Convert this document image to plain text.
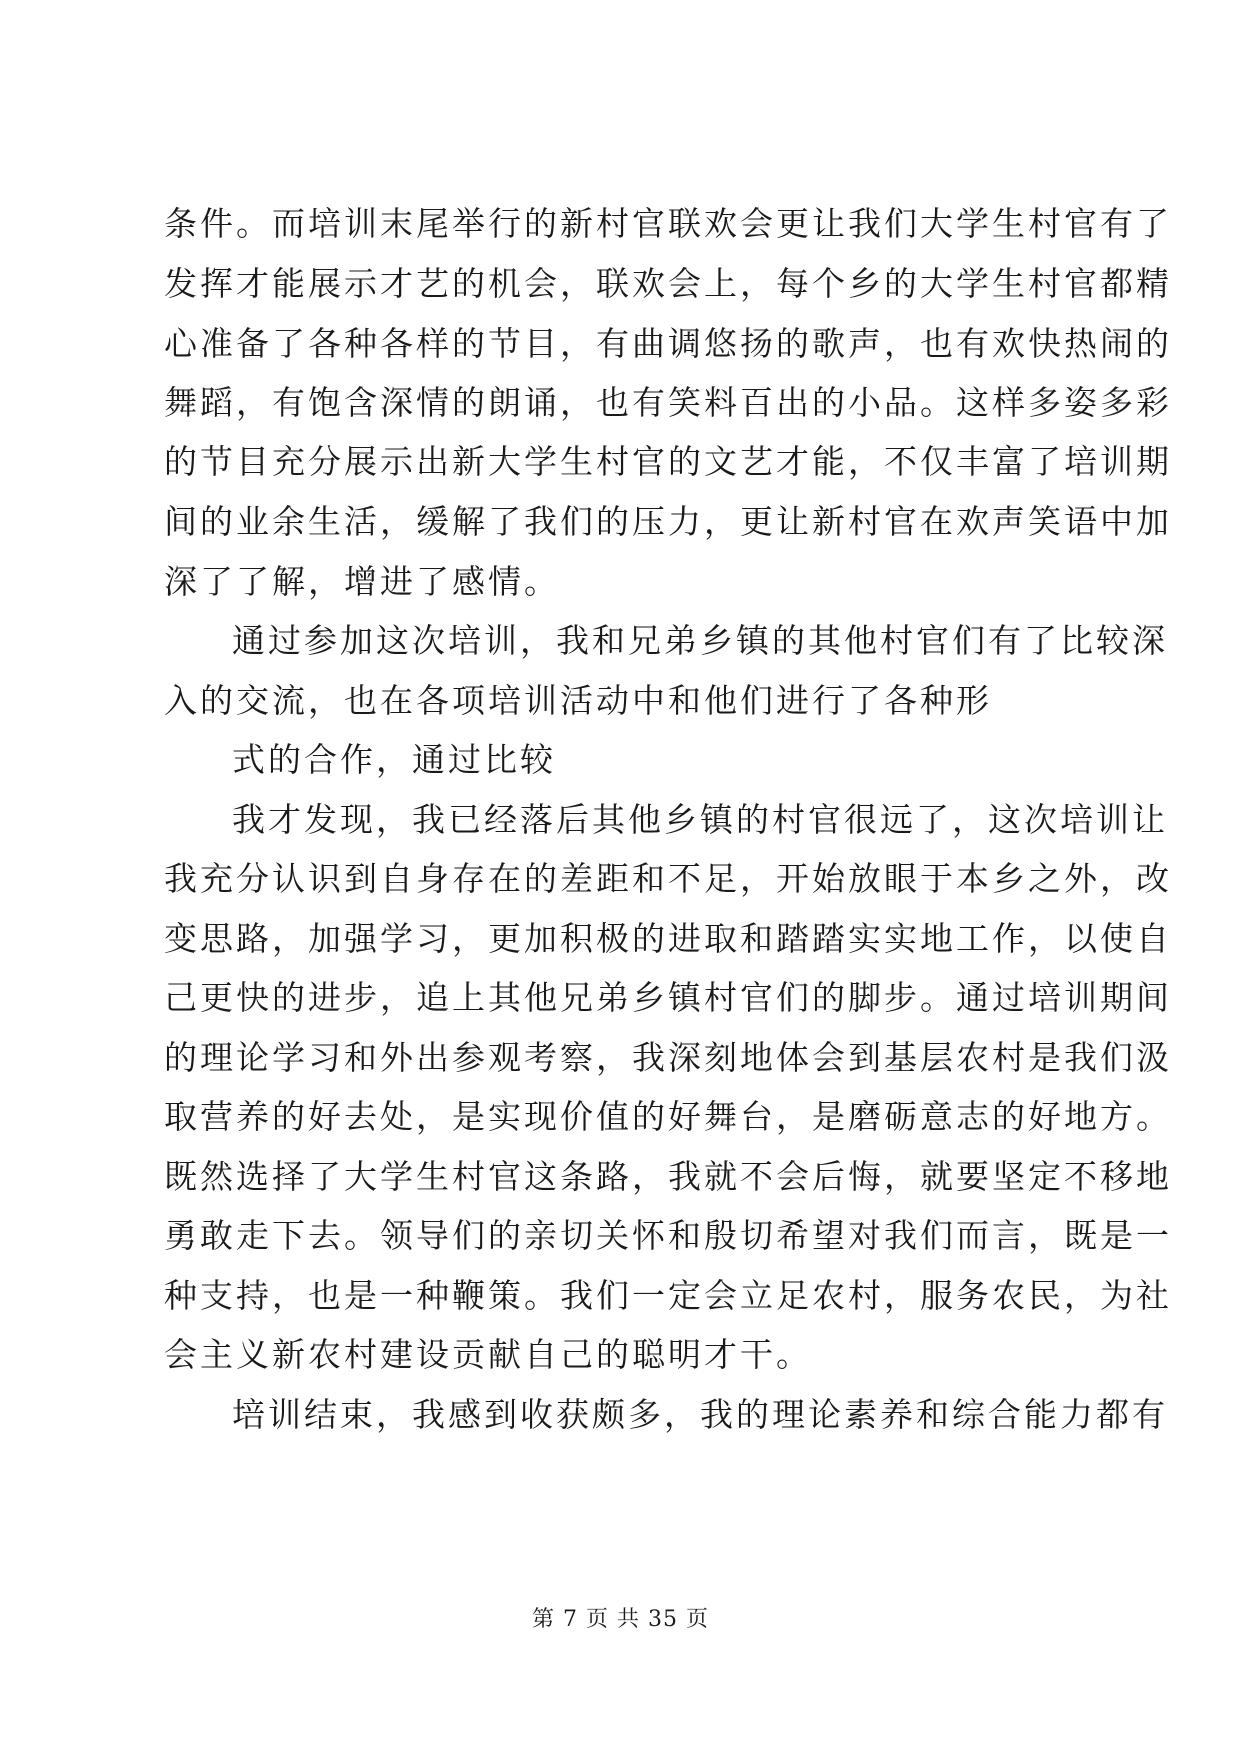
条件。而培训末尾举行的新村官联欢会更让我们大学生村官有了
发挥才能展示才艺的机会，联欢会上，每个乡的大学生村官都精
心准备了各种各样的节目，有曲调悠扬的歌声，也有欢快热闹的
舞蹈，有饱含深情的朗诵，也有笑料百出的小品。这样多姿多彩
的节目充分展示出新大学生村官的文艺才能，不仅丰富了培训期
间的业余生活，缓解了我们的压力，更让新村官在欢声笑语中加
深了了解，增进了感情。
通过参加这次培训，我和兄弟乡镇的其他村官们有了比较深
入的交流，也在各项培训活动中和他们进行了各种形
式的合作，通过比较
我才发现，我已经落后其他乡镇的村官很远了，这次培训让
我充分认识到自身存在的差距和不足，开始放眼于本乡之外，改
变思路，加强学习，更加积极的进取和踏踏实实地工作，以使自
己更快的进步，追上其他兄弟乡镇村官们的脚步。通过培训期间
的理论学习和外出参观考察，我深刻地体会到基层农村是我们汲
取营养的好去处，是实现价值的好舞台，是磨砺意志的好地方。
既然选择了大学生村官这条路，我就不会后悔，就要坚定不移地
勇敢走下去。领导们的亲切关怀和殷切希望对我们而言，既是一
种支持，也是一种鞭策。我们一定会立足农村，服务农民，为社
会主义新农村建设贡献自己的聪明才干。
培训结束，我感到收获颇多，我的理论素养和综合能力都有
第 7 页 共 35 页
